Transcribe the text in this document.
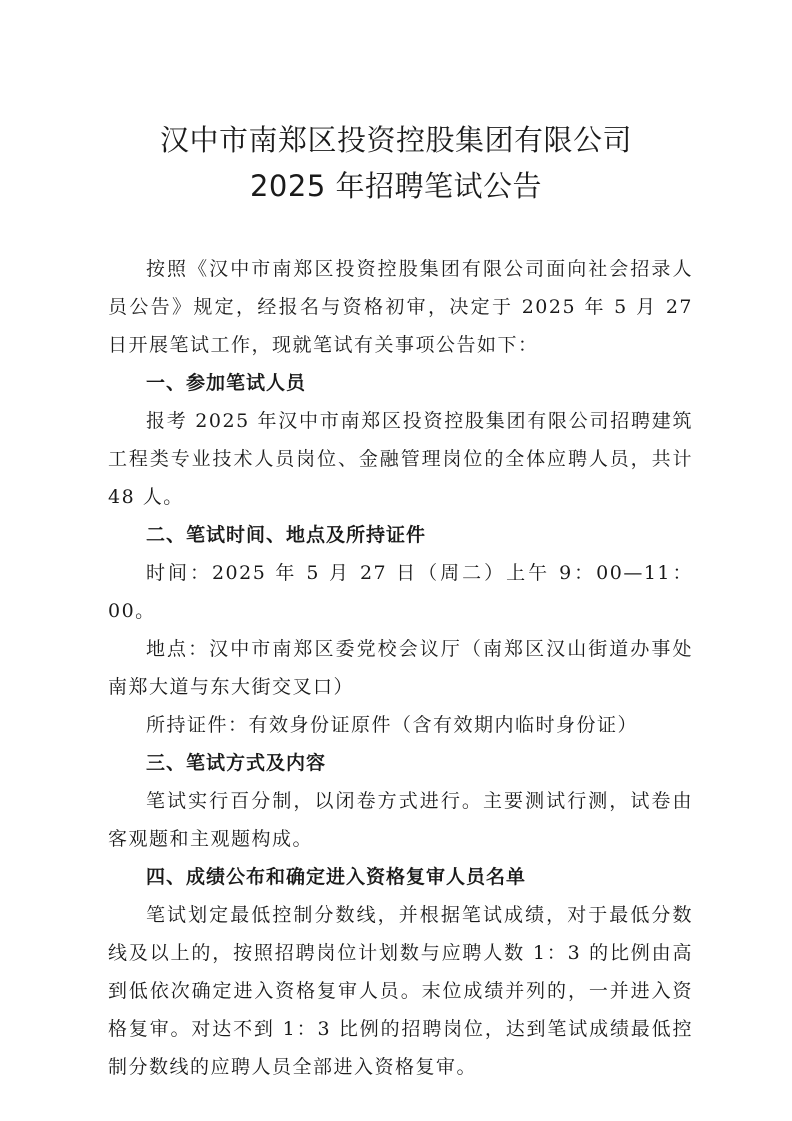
汉中市南郑区投资控股集团有限公司
2025 年招聘笔试公告

按照《汉中市南郑区投资控股集团有限公司面向社会招录人员公告》规定，经报名与资格初审，决定于 2025 年 5 月 27 日开展笔试工作，现就笔试有关事项公告如下：

一、参加笔试人员

报考 2025 年汉中市南郑区投资控股集团有限公司招聘建筑工程类专业技术人员岗位、金融管理岗位的全体应聘人员，共计 48 人。

二、笔试时间、地点及所持证件

时间：2025 年 5 月 27 日（周二）上午 9：00—11：00。

地点：汉中市南郑区委党校会议厅（南郑区汉山街道办事处南郑大道与东大街交叉口）

所持证件：有效身份证原件（含有效期内临时身份证）

三、笔试方式及内容

笔试实行百分制，以闭卷方式进行。主要测试行测，试卷由客观题和主观题构成。

四、成绩公布和确定进入资格复审人员名单

笔试划定最低控制分数线，并根据笔试成绩，对于最低分数线及以上的，按照招聘岗位计划数与应聘人数 1：3 的比例由高到低依次确定进入资格复审人员。末位成绩并列的，一并进入资格复审。对达不到 1：3 比例的招聘岗位，达到笔试成绩最低控制分数线的应聘人员全部进入资格复审。
